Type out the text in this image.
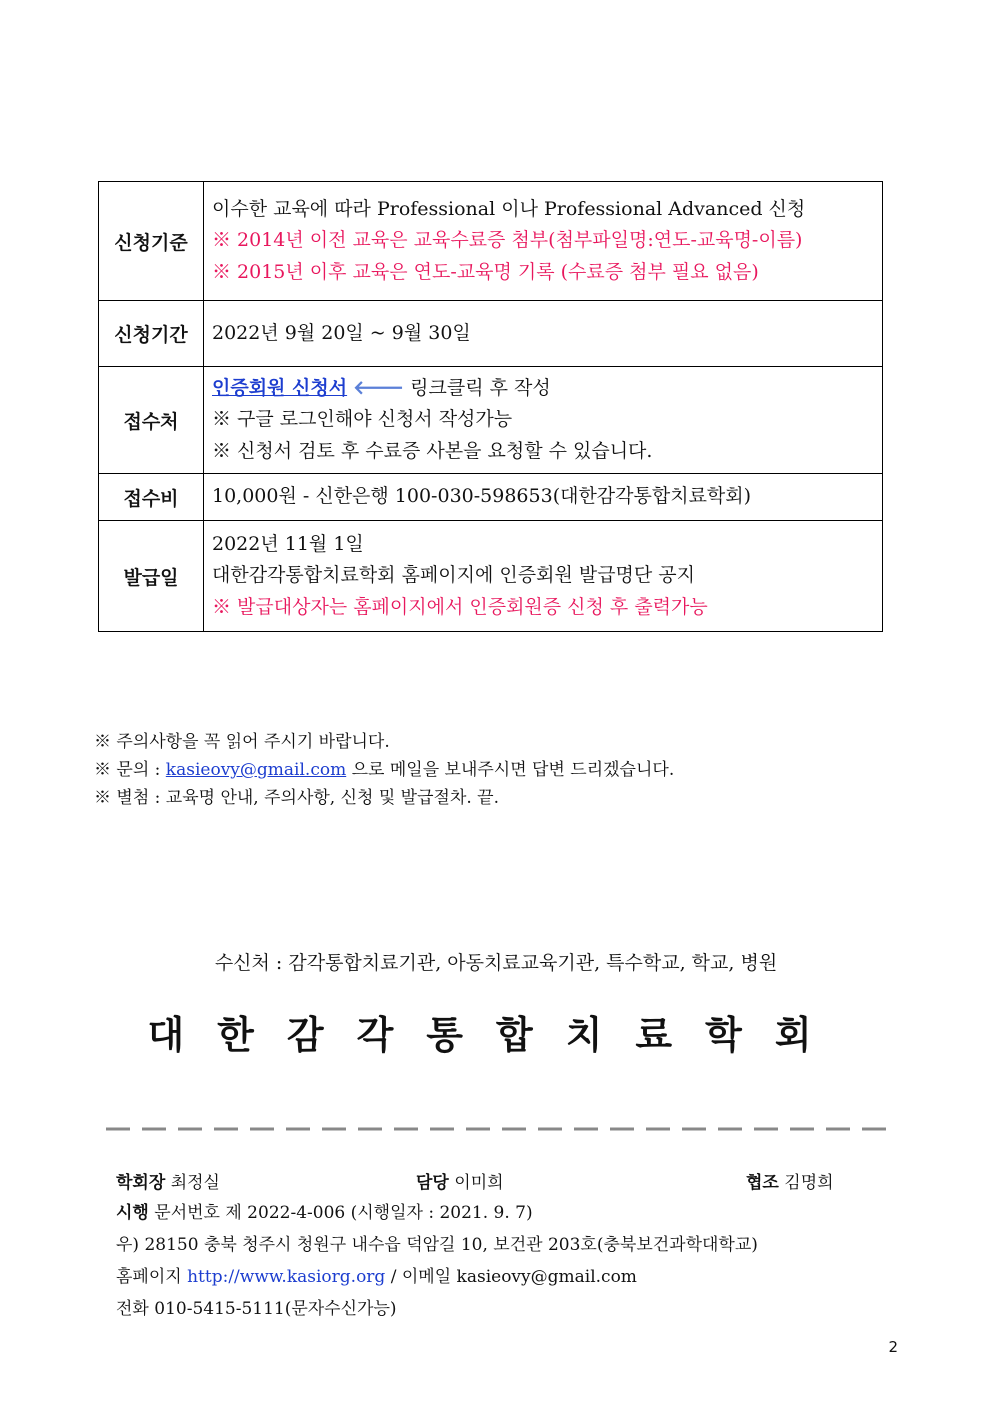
신청기준	이수한 교육에 따라 Professional 이나 Professional Advanced 신청
※ 2014년 이전 교육은 교육수료증 첨부(첨부파일명:연도-교육명-이름)
※ 2015년 이후 교육은 연도-교육명 기록 (수료증 첨부 필요 없음)

신청기간	2022년 9월 20일 ~ 9월 30일
접수처	인증회원 신청서 🡐 링크클릭 후 작성
※ 구글 로그인해야 신청서 작성가능
※ 신청서 검토 후 수료증 사본을 요청할 수 있습니다.

접수비	10,000원 - 신한은행 100-030-598653(대한감각통합치료학회)
발급일	2022년 11월 1일
대한감각통합치료학회 홈페이지에 인증회원 발급명단 공지
※ 발급대상자는 홈페이지에서 인증회원증 신청 후 출력가능
※ 주의사항을 꼭 읽어 주시기 바랍니다.
※ 문의 : kasieovy@gmail.com 으로 메일을 보내주시면 답변 드리겠습니다.
※ 별첨 : 교육명 안내, 주의사항, 신청 및 발급절차. 끝.
수신처 : 감각통합치료기관, 아동치료교육기관, 특수학교, 학교, 병원
대한감각통합치료학회
학회장 최정실	담당 이미희	협조 김명희
시행 문서번호 제 2022-4-006 (시행일자 : 2021. 9. 7)
우) 28150 충북 청주시 청원구 내수읍 덕암길 10, 보건관 203호(충북보건과학대학교)
홈페이지 http://www.kasiorg.org / 이메일 kasieovy@gmail.com
전화 010-5415-5111(문자수신가능)
2
